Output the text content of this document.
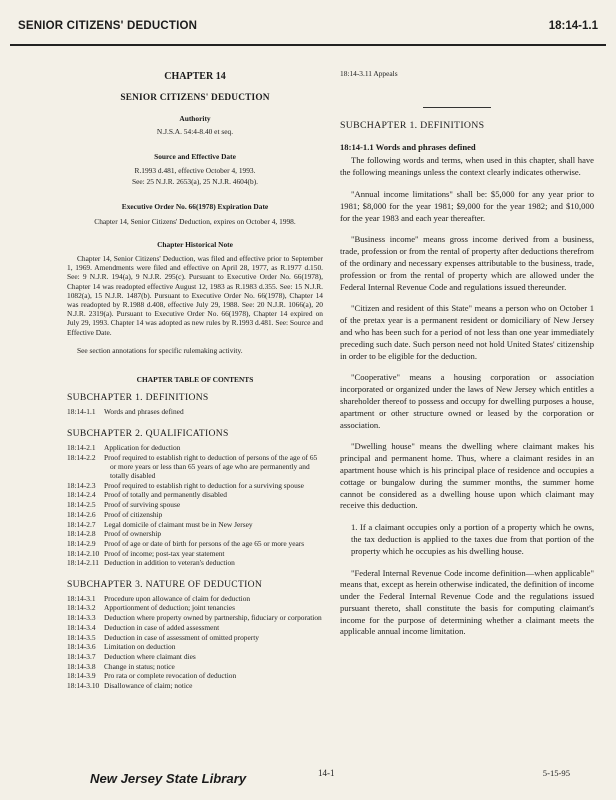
SENIOR CITIZENS' DEDUCTION	18:14-1.1
CHAPTER 14
SENIOR CITIZENS' DEDUCTION
Authority
N.J.S.A. 54:4-8.40 et seq.
Source and Effective Date
R.1993 d.481, effective October 4, 1993.
See: 25 N.J.R. 2653(a), 25 N.J.R. 4604(b).
Executive Order No. 66(1978) Expiration Date
Chapter 14, Senior Citizens' Deduction, expires on October 4, 1998.
Chapter Historical Note
Chapter 14, Senior Citizens' Deduction, was filed and effective prior to September 1, 1969. Amendments were filed and effective on April 28, 1977, as R.1977 d.150. See: 9 N.J.R. 194(a), 9 N.J.R. 295(c). Pursuant to Executive Order No. 66(1978), Chapter 14 was readopted effective August 12, 1983 as R.1983 d.355. See: 15 N.J.R. 1082(a), 15 N.J.R. 1487(b). Pursuant to Executive Order No. 66(1978), Chapter 14 was readopted by R.1988 d.408, effective July 29, 1988. See: 20 N.J.R. 1066(a), 20 N.J.R. 2319(a). Pursuant to Executive Order No. 66(1978), Chapter 14 expired on July 29, 1993. Chapter 14 was adopted as new rules by R.1993 d.481. See: Source and Effective Date.
See section annotations for specific rulemaking activity.
CHAPTER TABLE OF CONTENTS
SUBCHAPTER 1. DEFINITIONS
18:14-1.1	Words and phrases defined
SUBCHAPTER 2. QUALIFICATIONS
18:14-2.1	Application for deduction
18:14-2.2	Proof required to establish right to deduction of persons of the age of 65 or more years or less than 65 years of age who are permanently and totally disabled
18:14-2.3	Proof required to establish right to deduction for a surviving spouse
18:14-2.4	Proof of totally and permanently disabled
18:14-2.5	Proof of surviving spouse
18:14-2.6	Proof of citizenship
18:14-2.7	Legal domicile of claimant must be in New Jersey
18:14-2.8	Proof of ownership
18:14-2.9	Proof of age or date of birth for persons of the age 65 or more years
18:14-2.10 Proof of income; post-tax year statement
18:14-2.11 Deduction in addition to veteran's deduction
SUBCHAPTER 3. NATURE OF DEDUCTION
18:14-3.1	Procedure upon allowance of claim for deduction
18:14-3.2	Apportionment of deduction; joint tenancies
18:14-3.3	Deduction where property owned by partnership, fiduciary or corporation
18:14-3.4	Deduction in case of added assessment
18:14-3.5	Deduction in case of assessment of omitted property
18:14-3.6	Limitation on deduction
18:14-3.7	Deduction where claimant dies
18:14-3.8	Change in status; notice
18:14-3.9	Pro rata or complete revocation of deduction
18:14-3.10 Disallowance of claim; notice
18:14-3.11 Appeals
SUBCHAPTER 1. DEFINITIONS
18:14-1.1 Words and phrases defined
The following words and terms, when used in this chapter, shall have the following meanings unless the context clearly indicates otherwise.
"Annual income limitations" shall be: $5,000 for any year prior to 1981; $8,000 for the year 1981; $9,000 for the year 1982; and $10,000 for the year 1983 and each year thereafter.
"Business income" means gross income derived from a business, trade, profession or from the rental of property after deductions therefrom of the ordinary and necessary expenses attributable to the business, trade, profession or from the rental of property which are allowed under the Federal Internal Revenue Code and regulations issued thereunder.
"Citizen and resident of this State" means a person who on October 1 of the pretax year is a permanent resident or domiciliary of New Jersey and who has been such for a period of not less than one year immediately preceding such date. Such person need not hold United States' citizenship in order to be eligible for the deduction.
"Cooperative" means a housing corporation or association incorporated or organized under the laws of New Jersey which entitles a shareholder thereof to possess and occupy for dwelling purposes a house, apartment or other structure owned or leased by the corporation or association.
"Dwelling house" means the dwelling where claimant makes his principal and permanent home. Thus, where a claimant resides in an apartment house which is his principal place of residence and occupies a cottage or bungalow during the summer months, the summer home cannot be considered as a dwelling house upon which claimant may receive this deduction.
1. If a claimant occupies only a portion of a property which he owns, the tax deduction is applied to the taxes due from that portion of the property which he occupies as his dwelling house.
"Federal Internal Revenue Code income definition—when applicable" means that, except as herein otherwise indicated, the definition of income under the Federal Internal Revenue Code and the regulations issued pursuant thereto, shall constitute the basis for computing claimant's income for the purpose of determining whether a claimant meets the applicable annual income limitation.
New Jersey State Library	14-1	5-15-95
